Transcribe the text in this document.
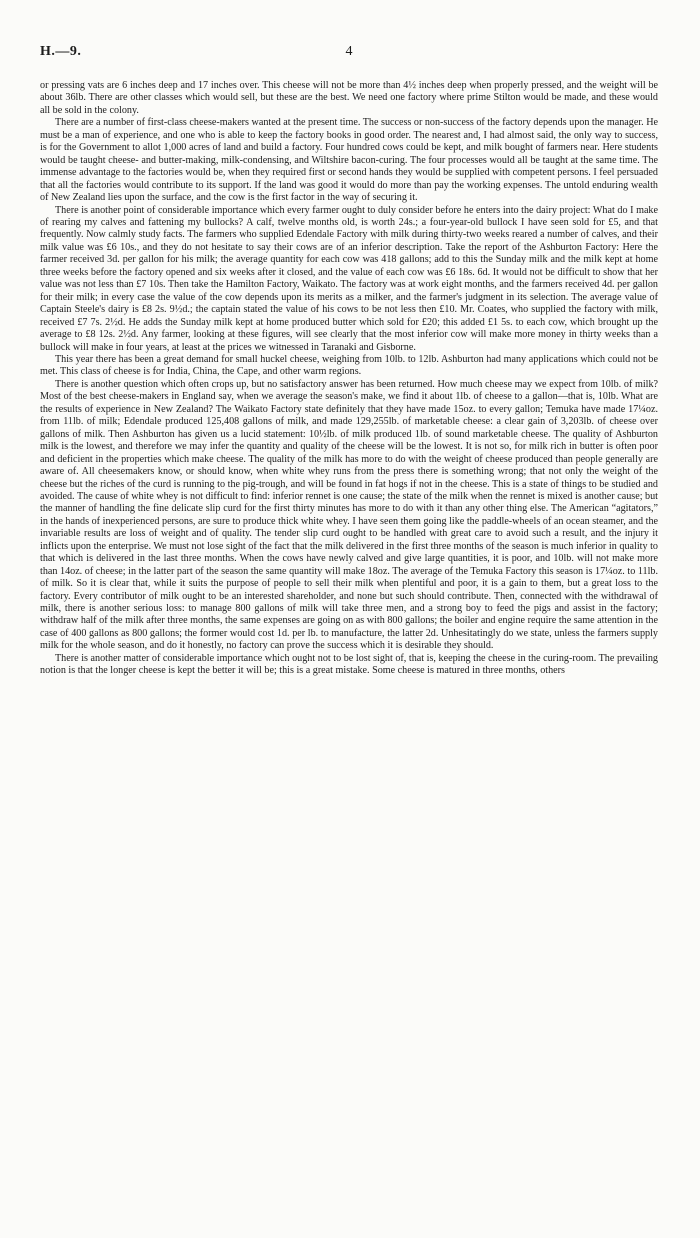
H.—9.	4

or pressing vats are 6 inches deep and 17 inches over. This cheese will not be more than 4½ inches deep when properly pressed, and the weight will be about 36lb. There are other classes which would sell, but these are the best. We need one factory where prime Stilton would be made, and these would all be sold in the colony.

There are a number of first-class cheese-makers wanted at the present time. The success or non-success of the factory depends upon the manager. He must be a man of experience, and one who is able to keep the factory books in good order. The nearest and, I had almost said, the only way to success, is for the Government to allot 1,000 acres of land and build a factory. Four hundred cows could be kept, and milk bought of farmers near. Here students would be taught cheese- and butter-making, milk-condensing, and Wiltshire bacon-curing. The four processes would all be taught at the same time. The immense advantage to the factories would be, when they required first or second hands they would be supplied with competent persons. I feel persuaded that all the factories would contribute to its support. If the land was good it would do more than pay the working expenses. The untold enduring wealth of New Zealand lies upon the surface, and the cow is the first factor in the way of securing it.

There is another point of considerable importance which every farmer ought to duly consider before he enters into the dairy project: What do I make of rearing my calves and fattening my bullocks? A calf, twelve months old, is worth 24s.; a four-year-old bullock I have seen sold for £5, and that frequently. Now calmly study facts. The farmers who supplied Edendale Factory with milk during thirty-two weeks reared a number of calves, and their milk value was £6 10s., and they do not hesitate to say their cows are of an inferior description. Take the report of the Ashburton Factory: Here the farmer received 3d. per gallon for his milk; the average quantity for each cow was 418 gallons; add to this the Sunday milk and the milk kept at home three weeks before the factory opened and six weeks after it closed, and the value of each cow was £6 18s. 6d. It would not be difficult to show that her value was not less than £7 10s. Then take the Hamilton Factory, Waikato. The factory was at work eight months, and the farmers received 4d. per gallon for their milk; in every case the value of the cow depends upon its merits as a milker, and the farmer's judgment in its selection. The average value of Captain Steele's dairy is £8 2s. 9½d.; the captain stated the value of his cows to be not less then £10. Mr. Coates, who supplied the factory with milk, received £7 7s. 2½d. He adds the Sunday milk kept at home produced butter which sold for £20; this added £1 5s. to each cow, which brought up the average to £8 12s. 2½d. Any farmer, looking at these figures, will see clearly that the most inferior cow will make more money in thirty weeks than a bullock will make in four years, at least at the prices we witnessed in Taranaki and Gisborne.

This year there has been a great demand for small huckel cheese, weighing from 10lb. to 12lb. Ashburton had many applications which could not be met. This class of cheese is for India, China, the Cape, and other warm regions.

There is another question which often crops up, but no satisfactory answer has been returned. How much cheese may we expect from 10lb. of milk? Most of the best cheese-makers in England say, when we average the season's make, we find it about 1lb. of cheese to a gallon—that is, 10lb. What are the results of experience in New Zealand? The Waikato Factory state definitely that they have made 15oz. to every gallon; Temuka have made 17¼oz. from 11lb. of milk; Edendale produced 125,408 gallons of milk, and made 129,255lb. of marketable cheese: a clear gain of 3,203lb. of cheese over gallons of milk. Then Ashburton has given us a lucid statement: 10½lb. of milk produced 1lb. of sound marketable cheese. The quality of Ashburton milk is the lowest, and therefore we may infer the quantity and quality of the cheese will be the lowest. It is not so, for milk rich in butter is often poor and deficient in the properties which make cheese. The quality of the milk has more to do with the weight of cheese produced than people generally are aware of. All cheesemakers know, or should know, when white whey runs from the press there is something wrong; that not only the weight of the cheese but the riches of the curd is running to the pig-trough, and will be found in fat hogs if not in the cheese. This is a state of things to be studied and avoided. The cause of white whey is not difficult to find: inferior rennet is one cause; the state of the milk when the rennet is mixed is another cause; but the manner of handling the fine delicate slip curd for the first thirty minutes has more to do with it than any other thing else. The American “agitators,” in the hands of inexperienced persons, are sure to produce thick white whey. I have seen them going like the paddle-wheels of an ocean steamer, and the invariable results are loss of weight and of quality. The tender slip curd ought to be handled with great care to avoid such a result, and the injury it inflicts upon the enterprise. We must not lose sight of the fact that the milk delivered in the first three months of the season is much inferior in quality to that which is delivered in the last three months. When the cows have newly calved and give large quantities, it is poor, and 10lb. will not make more than 14oz. of cheese; in the latter part of the season the same quantity will make 18oz. The average of the Temuka Factory this season is 17¼oz. to 11lb. of milk. So it is clear that, while it suits the purpose of people to sell their milk when plentiful and poor, it is a gain to them, but a great loss to the factory. Every contributor of milk ought to be an interested shareholder, and none but such should contribute. Then, connected with the withdrawal of milk, there is another serious loss: to manage 800 gallons of milk will take three men, and a strong boy to feed the pigs and assist in the factory; withdraw half of the milk after three months, the same expenses are going on as with 800 gallons; the boiler and engine require the same attention in the case of 400 gallons as 800 gallons; the former would cost 1d. per lb. to manufacture, the latter 2d. Unhesitatingly do we state, unless the farmers supply milk for the whole season, and do it honestly, no factory can prove the success which it is desirable they should.

There is another matter of considerable importance which ought not to be lost sight of, that is, keeping the cheese in the curing-room. The prevailing notion is that the longer cheese is kept the better it will be; this is a great mistake. Some cheese is matured in three months, others
